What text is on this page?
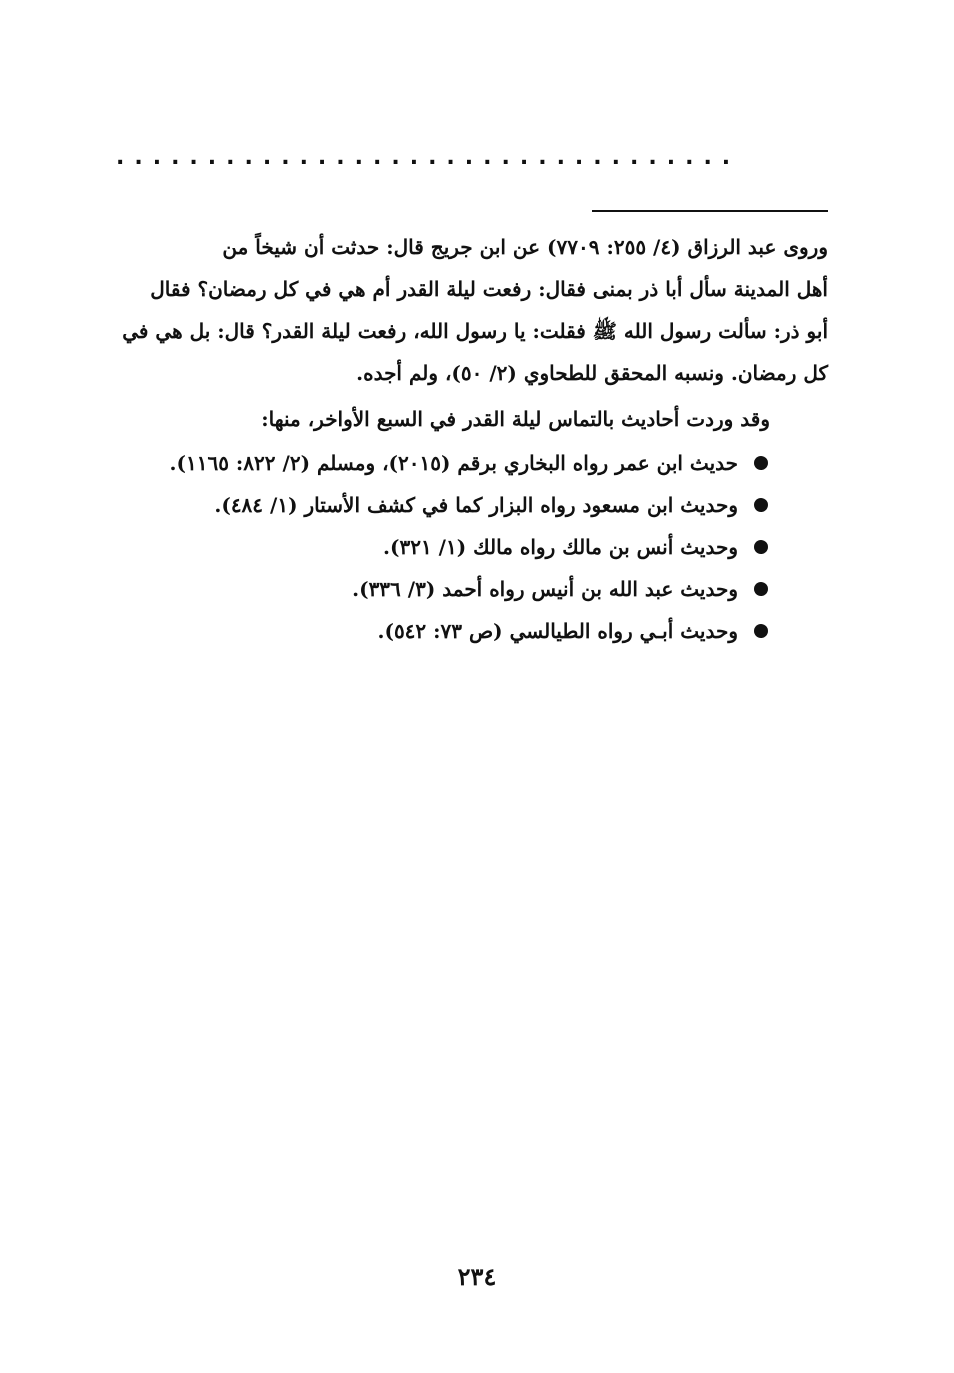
..................................
وروى عبد الرزاق (٤/ ٢٥٥: ٧٧٠٩) عن ابن جريج قال: حدثت أن شيخاً من
أهل المدينة سأل أبا ذر بمنى فقال: رفعت ليلة القدر أم هي في كل رمضان؟ فقال
أبو ذر: سألت رسول الله ﷺ فقلت: يا رسول الله، رفعت ليلة القدر؟ قال: بل هي في
كل رمضان. ونسبه المحقق للطحاوي (٢/ ٥٠)، ولم أجده.
وقد وردت أحاديث بالتماس ليلة القدر في السبع الأواخر، منها:
حديث ابن عمر رواه البخاري برقم (٢٠١٥)، ومسلم (٢/ ٨٢٢: ١١٦٥).
وحديث ابن مسعود رواه البزار كما في كشف الأستار (١/ ٤٨٤).
وحديث أنس بن مالك رواه مالك (١/ ٣٢١).
وحديث عبد الله بن أنيس رواه أحمد (٣/ ٣٣٦).
وحديث أبـي رواه الطيالسي (ص ٧٣: ٥٤٢).
٢٣٤
